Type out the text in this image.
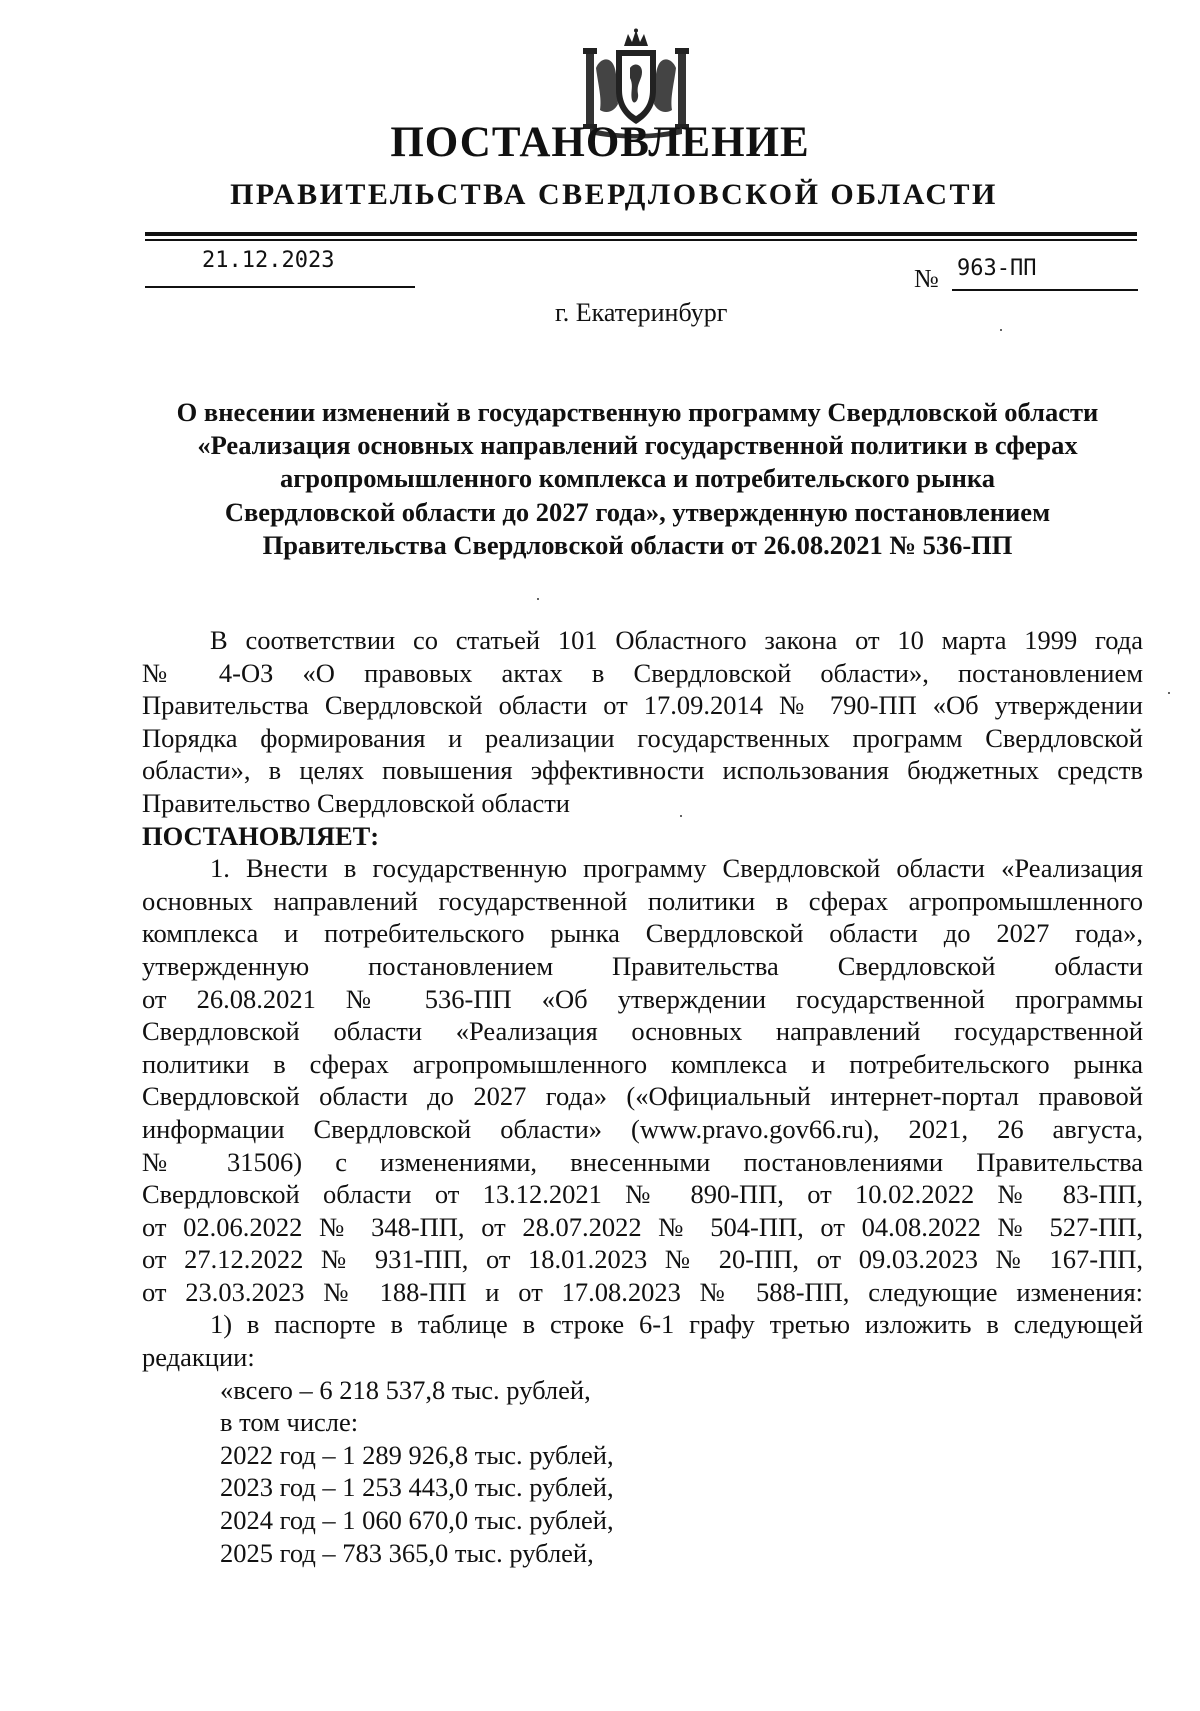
ПОСТАНОВЛЕНИЕ
ПРАВИТЕЛЬСТВА СВЕРДЛОВСКОЙ ОБЛАСТИ
21.12.2023
№ 963-ПП
г. Екатеринбург
О внесении изменений в государственную программу Свердловской области
«Реализация основных направлений государственной политики в сферах
агропромышленного комплекса и потребительского рынка
Свердловской области до 2027 года», утвержденную постановлением
Правительства Свердловской области от 26.08.2021 № 536-ПП

В соответствии со статьей 101 Областного закона от 10 марта 1999 года

№ 4-ОЗ «О правовых актах в Свердловской области», постановлением

Правительства Свердловской области от 17.09.2014 № 790-ПП «Об утверждении

Порядка формирования и реализации государственных программ Свердловской

области», в целях повышения эффективности использования бюджетных средств

Правительство Свердловской области

ПОСТАНОВЛЯЕТ:

1. Внести в государственную программу Свердловской области «Реализация

основных направлений государственной политики в сферах агропромышленного

комплекса и потребительского рынка Свердловской области до 2027 года»,

утвержденную постановлением Правительства Свердловской области

от 26.08.2021 № 536-ПП «Об утверждении государственной программы

Свердловской области «Реализация основных направлений государственной

политики в сферах агропромышленного комплекса и потребительского рынка

Свердловской области до 2027 года» («Официальный интернет-портал правовой

информации Свердловской области» (www.pravo.gov66.ru), 2021, 26 августа,

№ 31506) с изменениями, внесенными постановлениями Правительства

Свердловской области от 13.12.2021 № 890-ПП, от 10.02.2022 № 83-ПП,

от 02.06.2022 № 348-ПП, от 28.07.2022 № 504-ПП, от 04.08.2022 № 527-ПП,

от 27.12.2022 № 931-ПП, от 18.01.2023 № 20-ПП, от 09.03.2023 № 167-ПП,

от 23.03.2023 № 188-ПП и от 17.08.2023 № 588-ПП, следующие изменения:

1) в паспорте в таблице в строке 6-1 графу третью изложить в следующей

редакции:

«всего – 6 218 537,8 тыс. рублей,

в том числе:

2022 год – 1 289 926,8 тыс. рублей,

2023 год – 1 253 443,0 тыс. рублей,

2024 год – 1 060 670,0 тыс. рублей,

2025 год – 783 365,0 тыс. рублей,
